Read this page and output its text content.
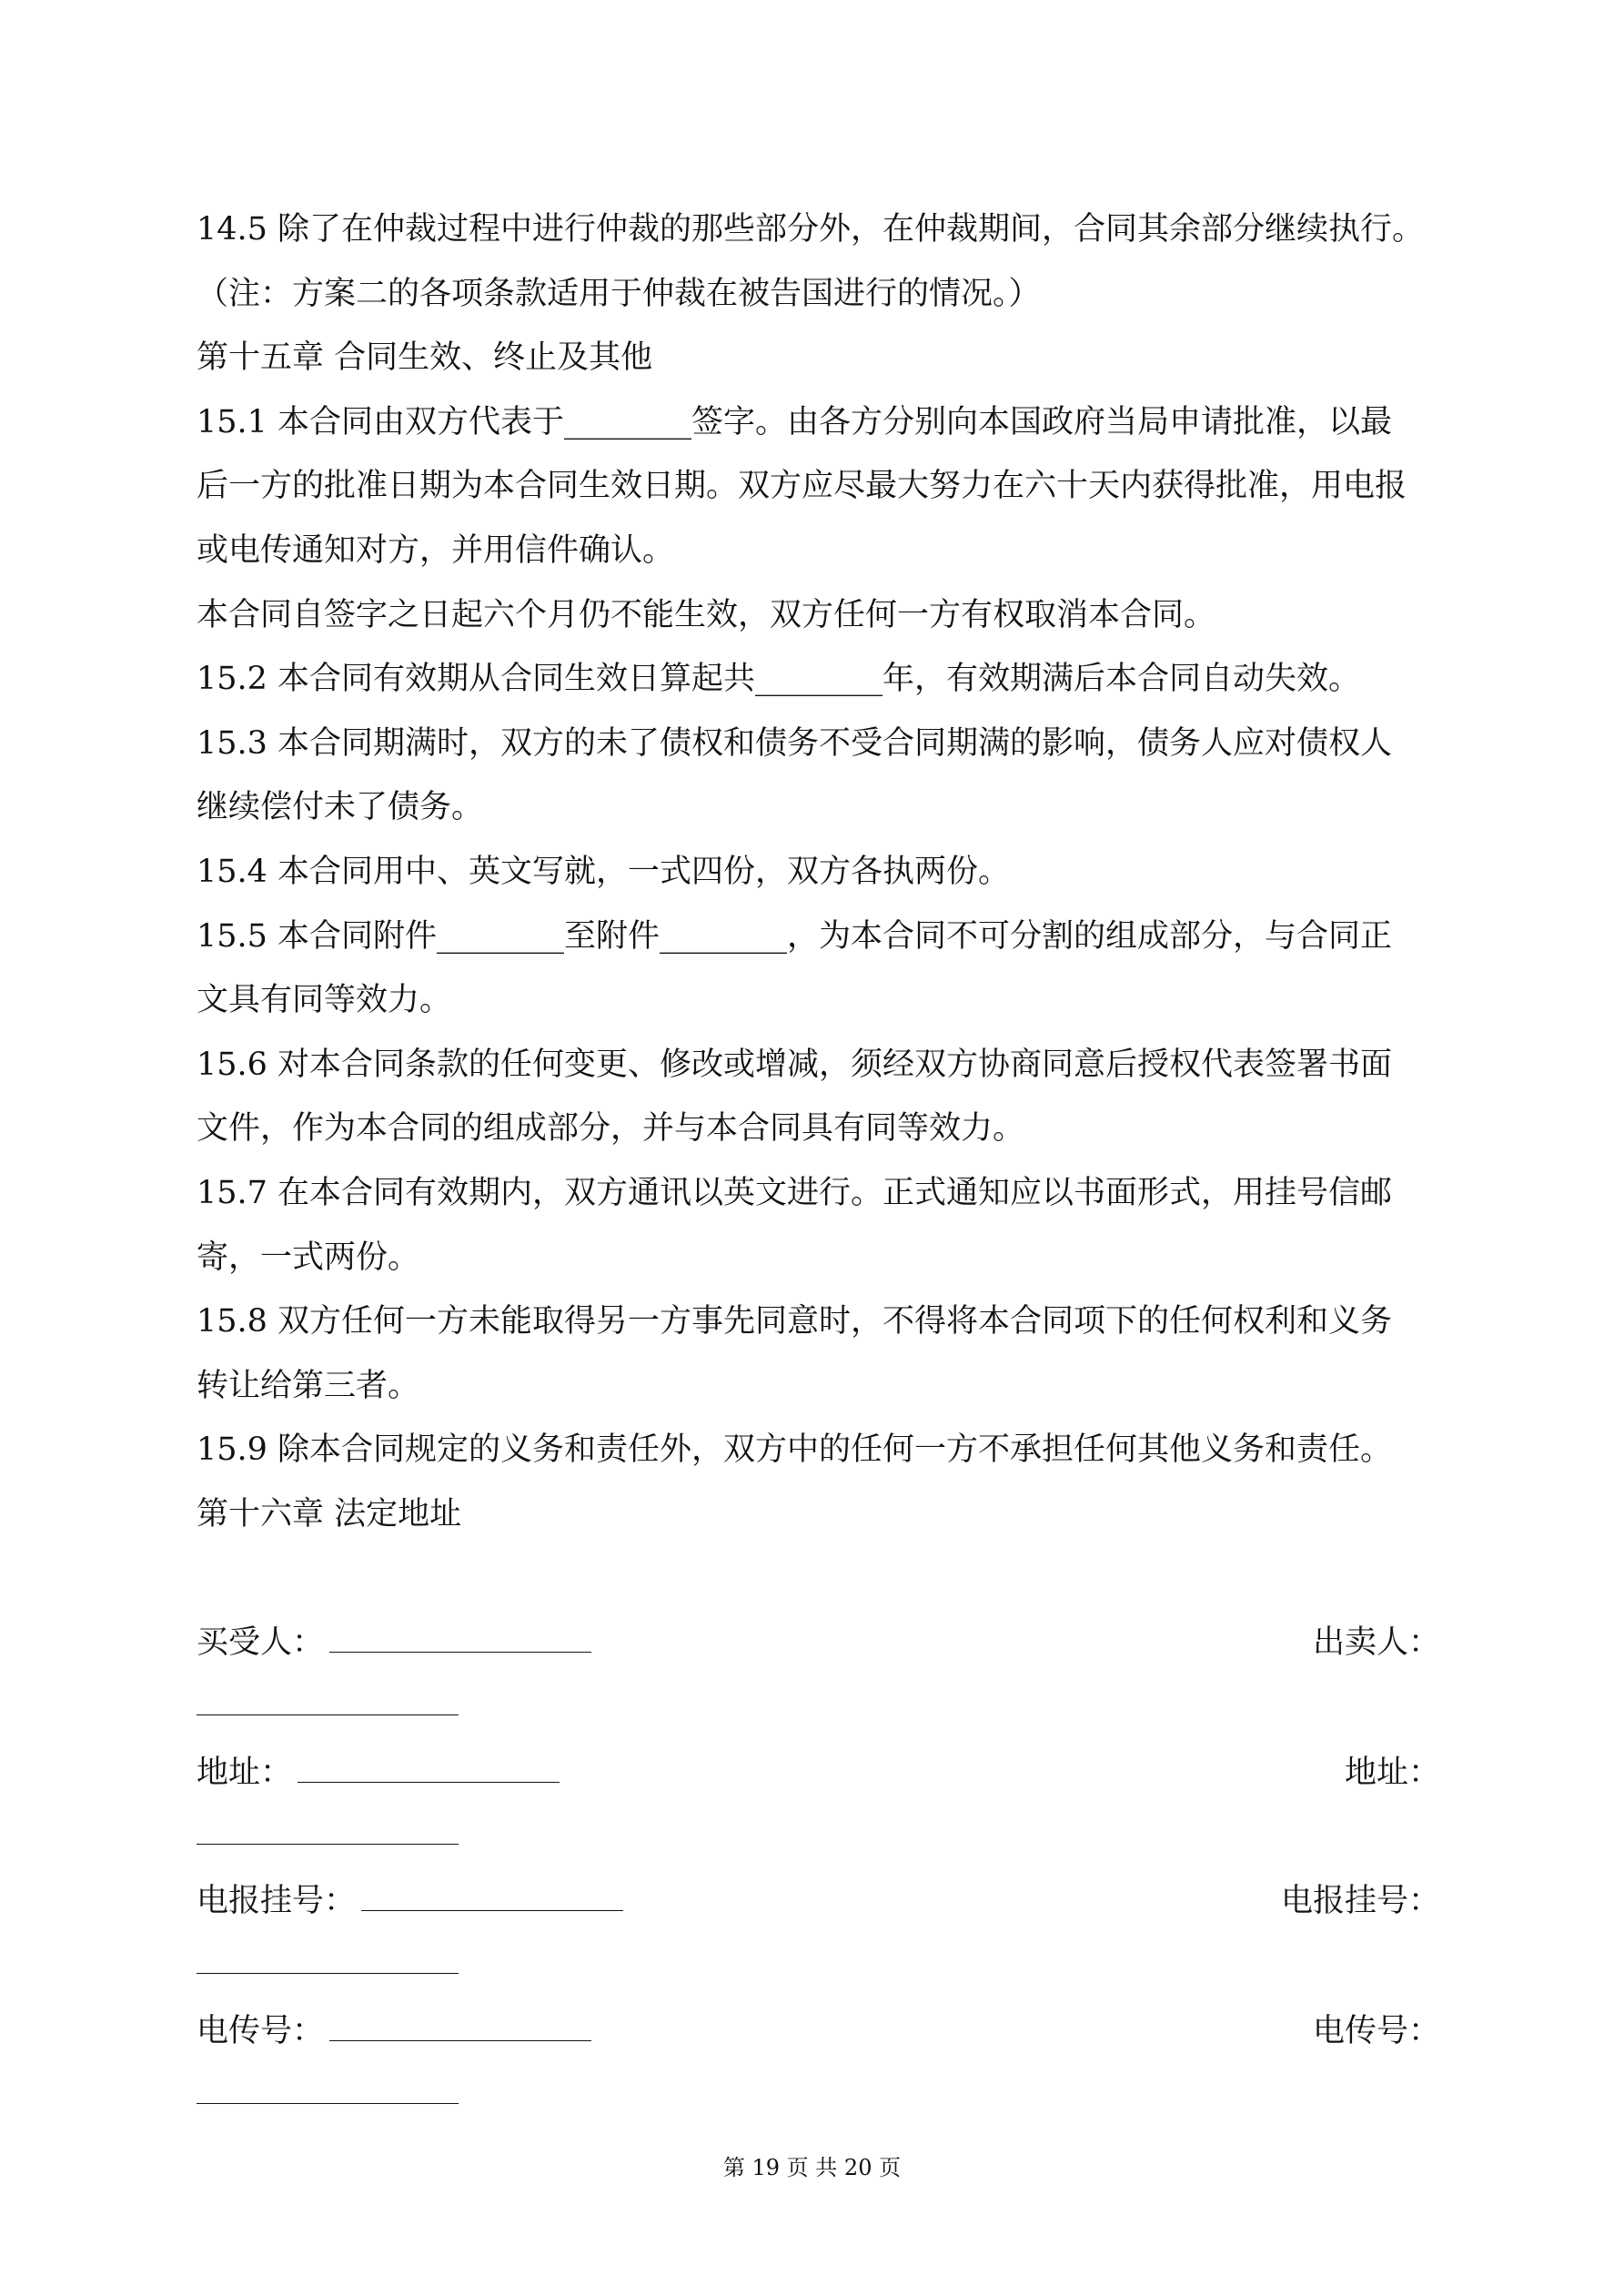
14.5 除了在仲裁过程中进行仲裁的那些部分外，在仲裁期间，合同其余部分继续执行。
（注：方案二的各项条款适用于仲裁在被告国进行的情况。）
第十五章 合同生效、终止及其他
15.1 本合同由双方代表于________签字。由各方分别向本国政府当局申请批准，以最
后一方的批准日期为本合同生效日期。双方应尽最大努力在六十天内获得批准，用电报
或电传通知对方，并用信件确认。
本合同自签字之日起六个月仍不能生效，双方任何一方有权取消本合同。
15.2 本合同有效期从合同生效日算起共________年，有效期满后本合同自动失效。
15.3 本合同期满时，双方的未了债权和债务不受合同期满的影响，债务人应对债权人
继续偿付未了债务。
15.4 本合同用中、英文写就，一式四份，双方各执两份。
15.5 本合同附件________至附件________，为本合同不可分割的组成部分，与合同正
文具有同等效力。
15.6 对本合同条款的任何变更、修改或增减，须经双方协商同意后授权代表签署书面
文件，作为本合同的组成部分，并与本合同具有同等效力。
15.7 在本合同有效期内，双方通讯以英文进行。正式通知应以书面形式，用挂号信邮
寄，一式两份。
15.8 双方任何一方未能取得另一方事先同意时，不得将本合同项下的任何权利和义务
转让给第三者。
15.9 除本合同规定的义务和责任外，双方中的任何一方不承担任何其他义务和责任。
第十六章 法定地址
买受人：	出卖人：
地址：	地址：
电报挂号：	电报挂号：
电传号：	电传号：
第 19 页 共 20 页
